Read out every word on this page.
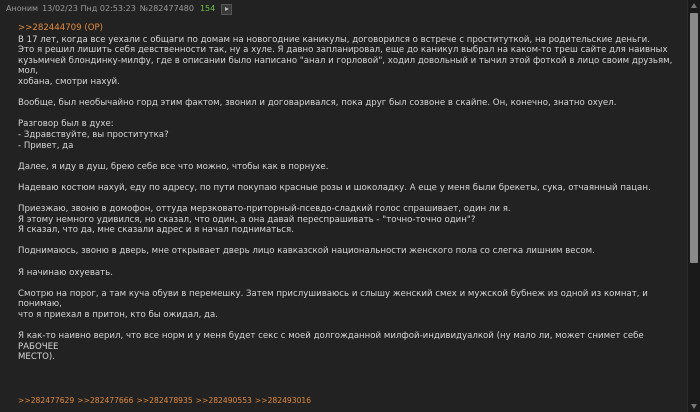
Аноним 13/02/23 Пнд 02:53:23 №282477480 154
>>282444709 (OP)
В 17 лет, когда все уехали с общаги по домам на новогодние каникулы, договорился о встрече с проституткой, на родительские деньги.
Это я решил лишить себя девственности так, ну а хуле. Я давно запланировал, еще до каникул выбрал на каком-то треш сайте для наивных
кузьмичей блондинку-милфу, где в описании было написано "анал и горловой", ходил довольный и тычил этой фоткой в лицо своим друзьям, мол,
хобана, смотри нахуй.
Вообще, был необычайно горд этим фактом, звонил и договаривался, пока друг был созвоне в скайпе. Он, конечно, знатно охуел.
Разговор был в духе:
- Здравствуйте, вы проститутка?
- Привет, да
Далее, я иду в душ, брею себе все что можно, чтобы как в порнухе.
Надеваю костюм нахуй, еду по адресу, по пути покупаю красные розы и шоколадку. А еще у меня были брекеты, сука, отчаянный пацан.
Приезжаю, звоню в домофон, оттуда мерзковато-приторный-псевдо-сладкий голос спрашивает, один ли я.
Я этому немного удивился, но сказал, что один, а она давай переспрашивать - "точно-точно один"?
Я сказал, что да, мне сказали адрес и я начал подниматься.
Поднимаюсь, звоню в дверь, мне открывает дверь лицо кавказской национальности женского пола со слегка лишним весом.
Я начинаю охуевать.
Смотрю на порог, а там куча обуви в перемешку. Затем прислушиваюсь и слышу женский смех и мужской бубнеж из одной из комнат, и понимаю,
что я приехал в притон, кто бы ожидал, да.
Я как-то наивно верил, что все норм и у меня будет секс с моей долгожданной милфой-индивидуалкой (ну мало ли, может снимет себе РАБОЧЕЕ
МЕСТО).
>>282477629 >>282477666 >>282478935 >>282490553 >>282493016
